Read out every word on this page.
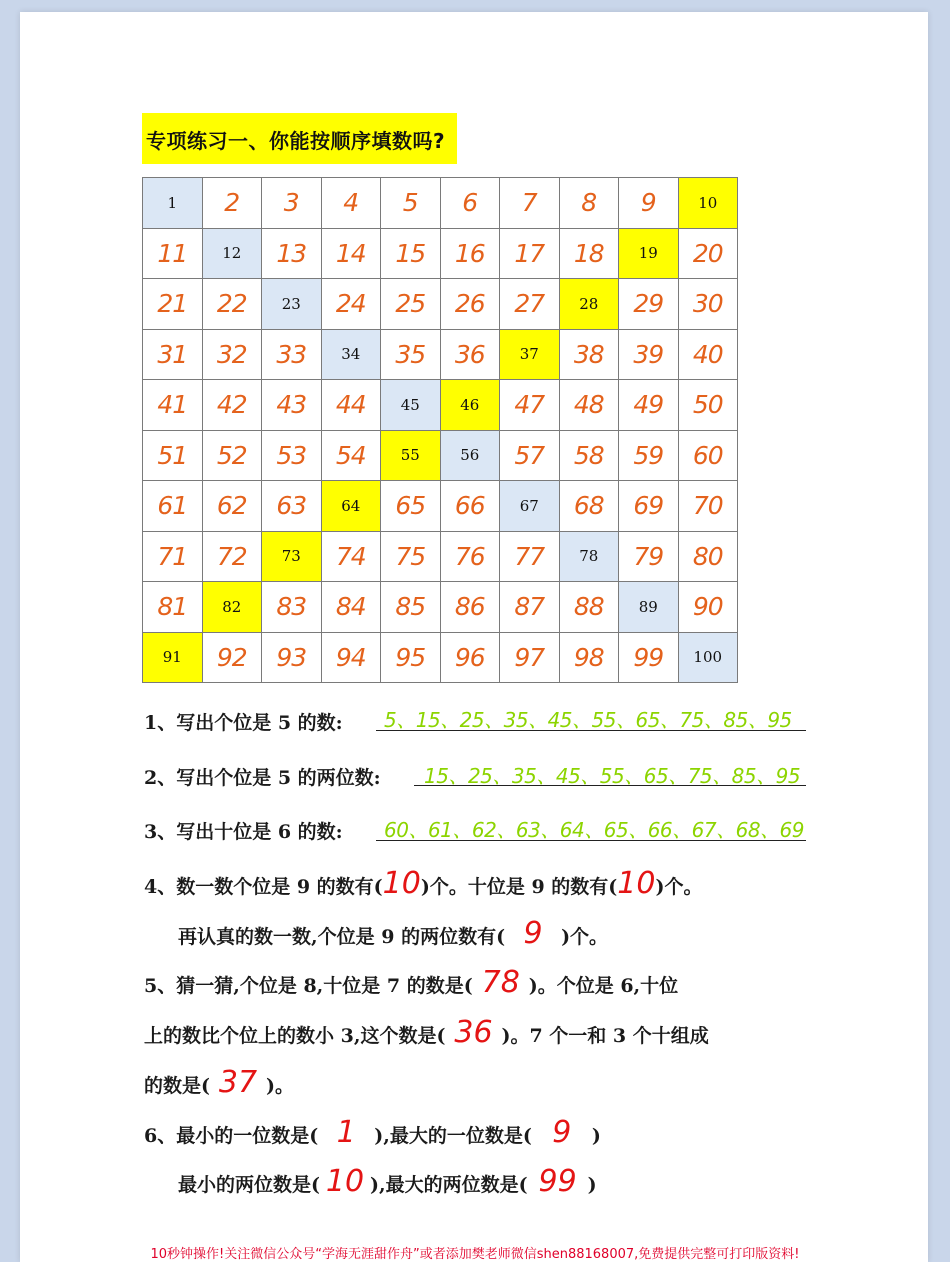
专项练习一、你能按顺序填数吗?
1	2	3	4	5	6	7	8	9	10
11	12	13	14	15	16	17	18	19	20
21	22	23	24	25	26	27	28	29	30
31	32	33	34	35	36	37	38	39	40
41	42	43	44	45	46	47	48	49	50
51	52	53	54	55	56	57	58	59	60
61	62	63	64	65	66	67	68	69	70
71	72	73	74	75	76	77	78	79	80
81	82	83	84	85	86	87	88	89	90
91	92	93	94	95	96	97	98	99	100
1、写出个位是 5 的数: 5、15、25、35、45、55、65、75、85、95
2、写出个位是 5 的两位数: 15、25、35、45、55、65、75、85、95
3、写出十位是 6 的数: 60、61、62、63、64、65、66、67、68、69
4、数一数个位是 9 的数有(10)个。十位是 9 的数有(10)个。
再认真的数一数,个位是 9 的两位数有( 9 )个。
5、猜一猜,个位是 8,十位是 7 的数是( 78 )。个位是 6,十位
上的数比个位上的数小 3,这个数是( 36 )。7 个一和 3 个十组成
的数是( 37 )。
6、最小的一位数是( 1 ),最大的一位数是( 9 )
最小的两位数是( 10 ),最大的两位数是( 99 )
10秒钟操作!关注微信公众号“学海无涯甜作舟”或者添加樊老师微信shen88168007,免费提供完整可打印版资料!
